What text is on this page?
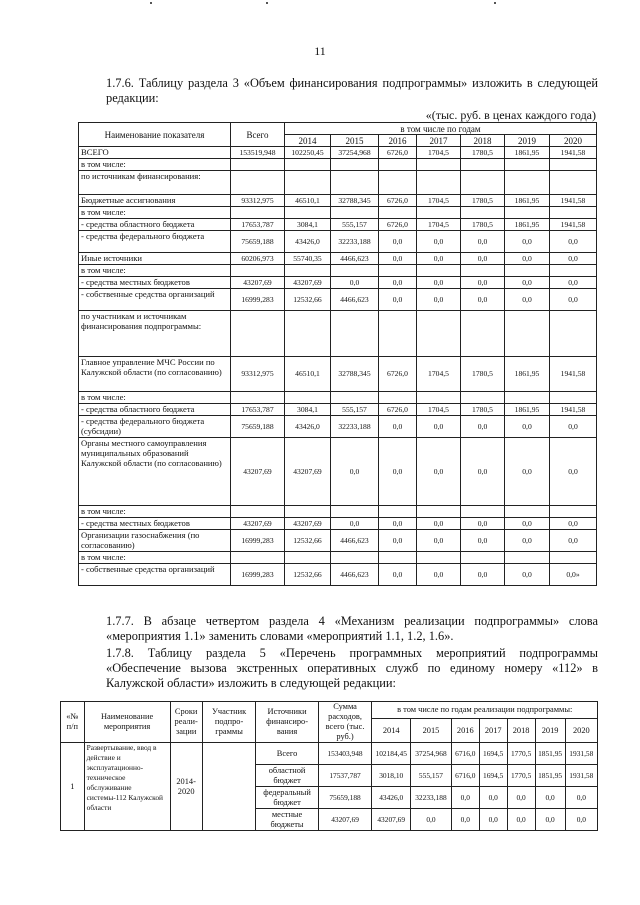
11
1.7.6. Таблицу раздела 3 «Объем финансирования подпрограммы» изложить в следующей редакции:
«(тыс. руб. в ценах каждого года)
Наименование показателя	Всего	в том числе по годам						
		2014	2015	2016	2017	2018	2019	2020
ВСЕГО	153519,948	102250,45	37254,968	6726,0	1704,5	1780,5	1861,95	1941,58
в том числе:								
по источникам финансирования:								
Бюджетные ассигнования	93312,975	46510,1	32788,345	6726,0	1704,5	1780,5	1861,95	1941,58
в том числе:								
- средства областного бюджета	17653,787	3084,1	555,157	6726,0	1704,5	1780,5	1861,95	1941,58
- средства федерального бюджета	75659,188	43426,0	32233,188	0,0	0,0	0,0	0,0	0,0
Иные источники	60206,973	55740,35	4466,623	0,0	0,0	0,0	0,0	0,0
в том числе:								
- средства местных бюджетов	43207,69	43207,69	0,0	0,0	0,0	0,0	0,0	0,0
- собственные средства организаций	16999,283	12532,66	4466,623	0,0	0,0	0,0	0,0	0,0
по участникам и источникам финансирования подпрограммы:								
Главное управление МЧС России по Калужской области (по согласованию)	93312,975	46510,1	32788,345	6726,0	1704,5	1780,5	1861,95	1941,58
в том числе:								
- средства областного бюджета	17653,787	3084,1	555,157	6726,0	1704,5	1780,5	1861,95	1941,58
- средства федерального бюджета (субсидии)	75659,188	43426,0	32233,188	0,0	0,0	0,0	0,0	0,0
Органы местного самоуправления муниципальных образований Калужской области (по согласованию)	43207,69	43207,69	0,0	0,0	0,0	0,0	0,0	0,0
в том числе:								
- средства местных бюджетов	43207,69	43207,69	0,0	0,0	0,0	0,0	0,0	0,0
Организации газоснабжения (по согласованию)	16999,283	12532,66	4466,623	0,0	0,0	0,0	0,0	0,0
в том числе:								
- собственные средства организаций	16999,283	12532,66	4466,623	0,0	0,0	0,0	0,0	0,0»
1.7.7. В абзаце четвертом раздела 4 «Механизм реализации подпрограммы» слова «мероприятия 1.1» заменить словами «мероприятий 1.1, 1.2, 1.6».
1.7.8. Таблицу раздела 5 «Перечень программных мероприятий подпрограммы «Обеспечение вызова экстренных оперативных служб по единому номеру «112» в Калужской области» изложить в следующей редакции:
«№ п/п	Наименование мероприятия	Сроки реали-зации	Участник подпро-граммы	Источники финансиро-вания	Сумма расходов, всего (тыс. руб.)	в том числе по годам реализации подпрограммы:						
						2014	2015	2016	2017	2018	2019	2020
1	Развертывание, ввод в действие и эксплуатационно-техническое обслуживание системы-112 Калужской области	2014-2020		Всего	153403,948	102184,45	37254,968	6716,0	1694,5	1770,5	1851,95	1931,58
				областной бюджет	17537,787	3018,10	555,157	6716,0	1694,5	1770,5	1851,95	1931,58
				федеральный бюджет	75659,188	43426,0	32233,188	0,0	0,0	0,0	0,0	0,0
				местные бюджеты	43207,69	43207,69	0,0	0,0	0,0	0,0	0,0	0,0
